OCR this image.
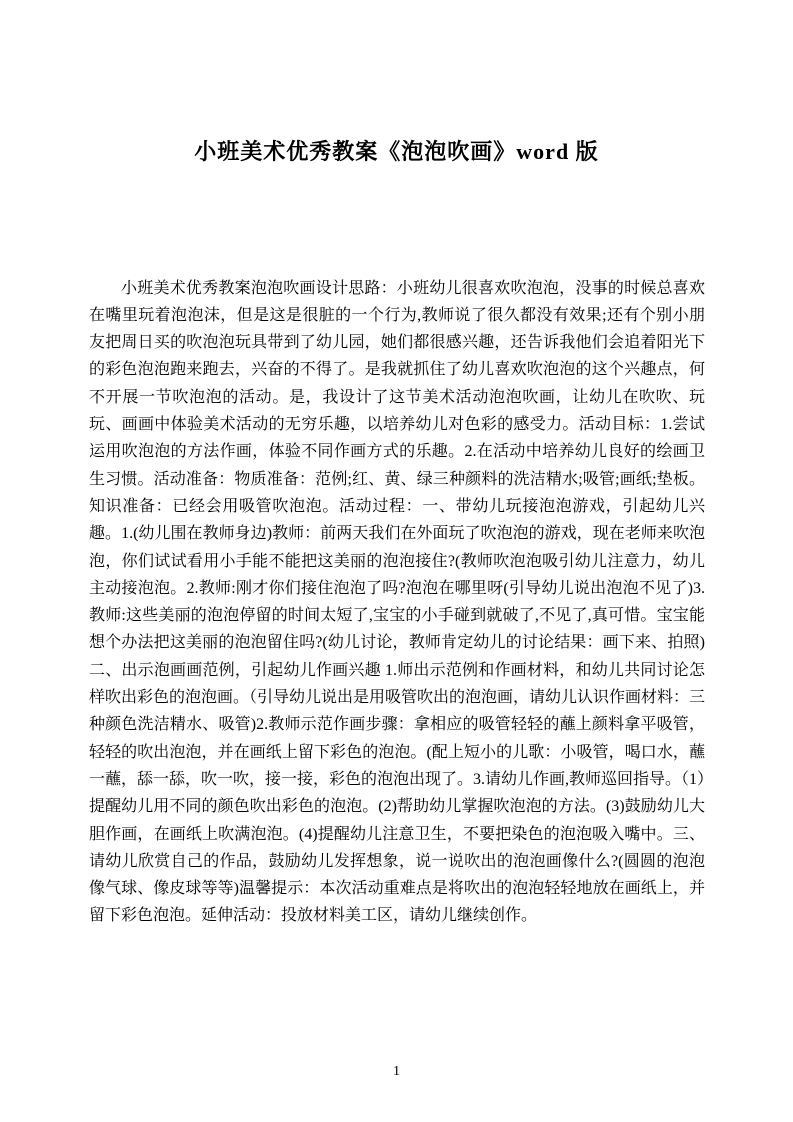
小班美术优秀教案《泡泡吹画》word 版

小班美术优秀教案泡泡吹画设计思路：小班幼儿很喜欢吹泡泡，没事的时候总喜欢在嘴里玩着泡泡沫，但是这是很脏的一个行为,教师说了很久都没有效果;还有个别小朋友把周日买的吹泡泡玩具带到了幼儿园，她们都很感兴趣，还告诉我他们会追着阳光下的彩色泡泡跑来跑去，兴奋的不得了。是我就抓住了幼儿喜欢吹泡泡的这个兴趣点，何不开展一节吹泡泡的活动。是，我设计了这节美术活动泡泡吹画，让幼儿在吹吹、玩玩、画画中体验美术活动的无穷乐趣，以培养幼儿对色彩的感受力。活动目标：1.尝试运用吹泡泡的方法作画，体验不同作画方式的乐趣。2.在活动中培养幼儿良好的绘画卫生习惯。活动准备：物质准备：范例;红、黄、绿三种颜料的洗洁精水;吸管;画纸;垫板。知识准备：已经会用吸管吹泡泡。活动过程：一、带幼儿玩接泡泡游戏，引起幼儿兴趣。1.(幼儿围在教师身边)教师：前两天我们在外面玩了吹泡泡的游戏，现在老师来吹泡泡，你们试试看用小手能不能把这美丽的泡泡接住?(教师吹泡泡吸引幼儿注意力，幼儿主动接泡泡。2.教师:刚才你们接住泡泡了吗?泡泡在哪里呀(引导幼儿说出泡泡不见了)3.教师:这些美丽的泡泡停留的时间太短了,宝宝的小手碰到就破了,不见了,真可惜。宝宝能想个办法把这美丽的泡泡留住吗?(幼儿讨论，教师肯定幼儿的讨论结果：画下来、拍照)二、出示泡画画范例，引起幼儿作画兴趣 1.师出示范例和作画材料，和幼儿共同讨论怎样吹出彩色的泡泡画。（引导幼儿说出是用吸管吹出的泡泡画，请幼儿认识作画材料：三种颜色洗洁精水、吸管)2.教师示范作画步骤：拿相应的吸管轻轻的蘸上颜料拿平吸管，轻轻的吹出泡泡，并在画纸上留下彩色的泡泡。(配上短小的儿歌：小吸管，喝口水，蘸一蘸，舔一舔，吹一吹，接一接，彩色的泡泡出现了。3.请幼儿作画,教师巡回指导。（1）提醒幼儿用不同的颜色吹出彩色的泡泡。(2)帮助幼儿掌握吹泡泡的方法。(3)鼓励幼儿大胆作画，在画纸上吹满泡泡。(4)提醒幼儿注意卫生，不要把染色的泡泡吸入嘴中。三、请幼儿欣赏自己的作品，鼓励幼儿发挥想象，说一说吹出的泡泡画像什么?(圆圆的泡泡像气球、像皮球等等)温馨提示：本次活动重难点是将吹出的泡泡轻轻地放在画纸上，并留下彩色泡泡。延伸活动：投放材料美工区，请幼儿继续创作。

1
